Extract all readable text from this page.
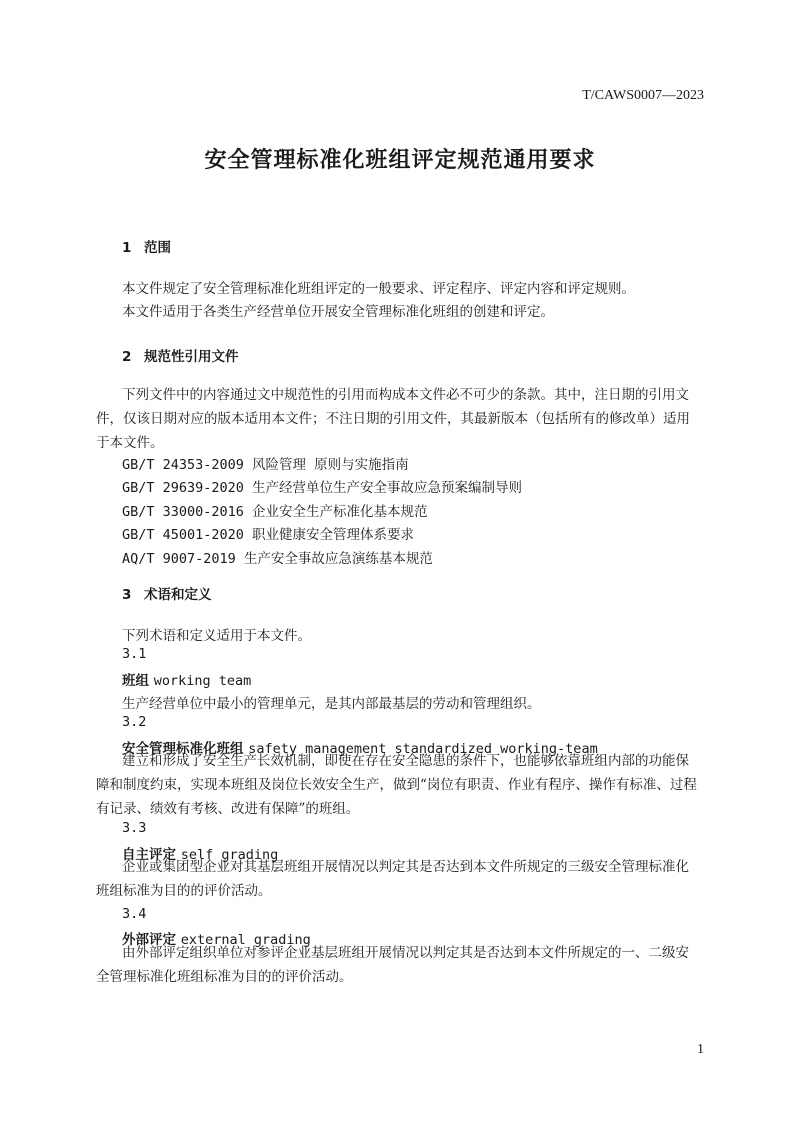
T/CAWS0007—2023
安全管理标准化班组评定规范通用要求
1 范围
本文件规定了安全管理标准化班组评定的一般要求、评定程序、评定内容和评定规则。
本文件适用于各类生产经营单位开展安全管理标准化班组的创建和评定。
2 规范性引用文件
下列文件中的内容通过文中规范性的引用而构成本文件必不可少的条款。其中，注日期的引用文件，仅该日期对应的版本适用本文件；不注日期的引用文件，其最新版本（包括所有的修改单）适用于本文件。
GB/T 24353-2009 风险管理 原则与实施指南
GB/T 29639-2020 生产经营单位生产安全事故应急预案编制导则
GB/T 33000-2016 企业安全生产标准化基本规范
GB/T 45001-2020 职业健康安全管理体系要求
AQ/T 9007-2019 生产安全事故应急演练基本规范
3 术语和定义
下列术语和定义适用于本文件。
3.1
班组 working team
生产经营单位中最小的管理单元，是其内部最基层的劳动和管理组织。
3.2
安全管理标准化班组 safety management standardized working-team
建立和形成了安全生产长效机制，即使在存在安全隐患的条件下，也能够依靠班组内部的功能保障和制度约束，实现本班组及岗位长效安全生产，做到“岗位有职责、作业有程序、操作有标准、过程有记录、绩效有考核、改进有保障”的班组。
3.3
自主评定 self grading
企业或集团型企业对其基层班组开展情况以判定其是否达到本文件所规定的三级安全管理标准化班组标准为目的的评价活动。
3.4
外部评定 external grading
由外部评定组织单位对参评企业基层班组开展情况以判定其是否达到本文件所规定的一、二级安全管理标准化班组标准为目的的评价活动。
1
